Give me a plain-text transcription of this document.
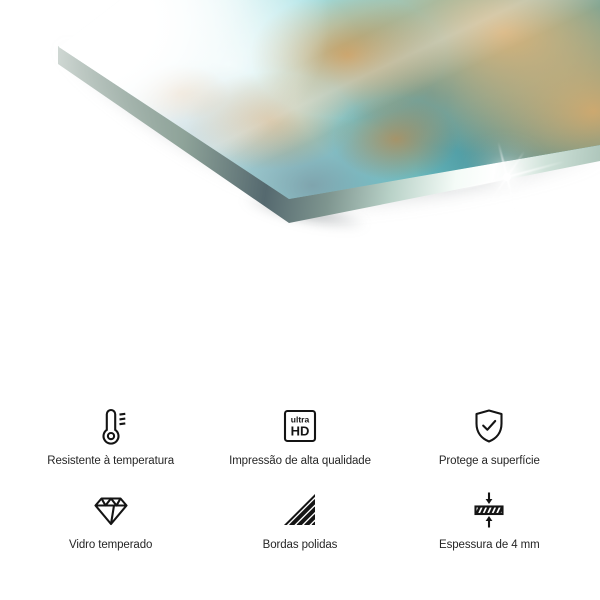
Resistente à temperatura
ultra
HD
Impressão de alta qualidade	Protege a superfície
Vidro temperado	Bordas polidas	Espessura de 4 mm
